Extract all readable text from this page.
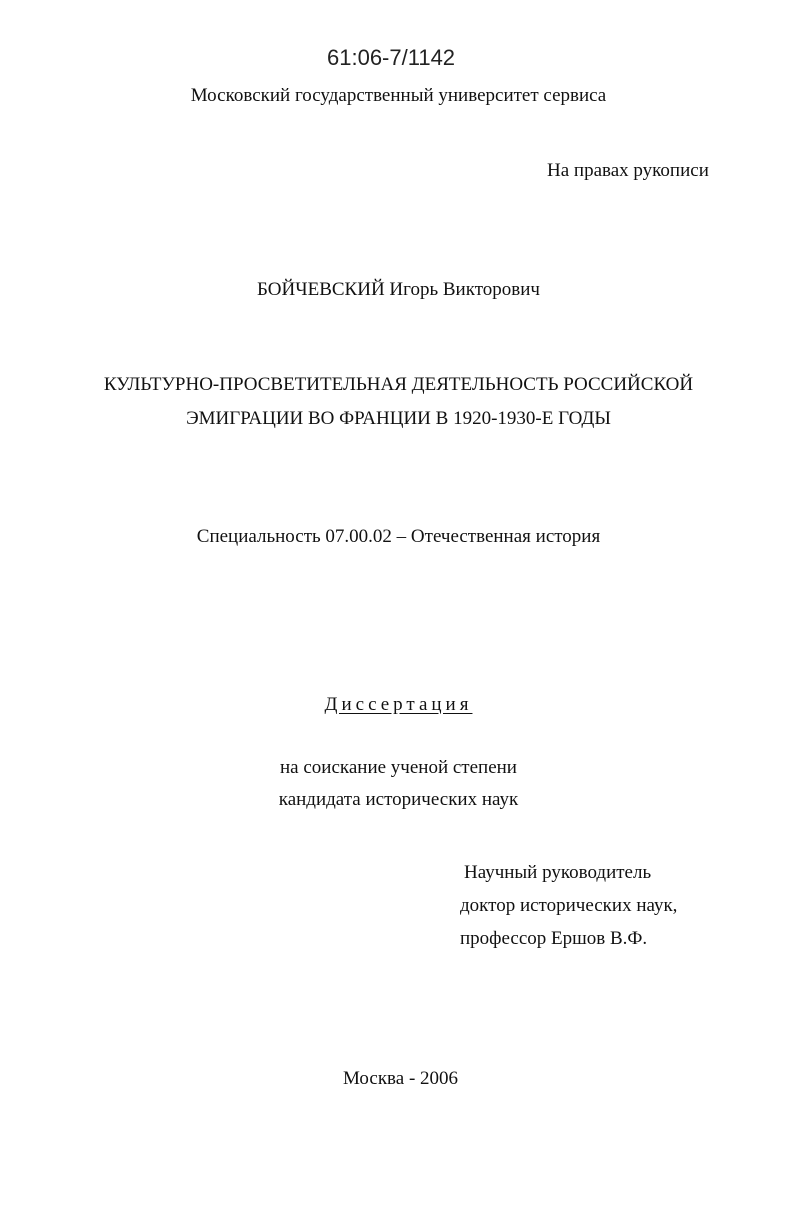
61:06-7/1142
Московский государственный университет сервиса
На правах рукописи
БОЙЧЕВСКИЙ Игорь Викторович
КУЛЬТУРНО-ПРОСВЕТИТЕЛЬНАЯ ДЕЯТЕЛЬНОСТЬ РОССИЙСКОЙ
ЭМИГРАЦИИ ВО ФРАНЦИИ В 1920-1930-Е ГОДЫ
Специальность 07.00.02 – Отечественная история
Диссертация
на соискание ученой степени
кандидата исторических наук
Научный руководитель
доктор исторических наук,
профессор Ершов В.Ф.
Москва - 2006
